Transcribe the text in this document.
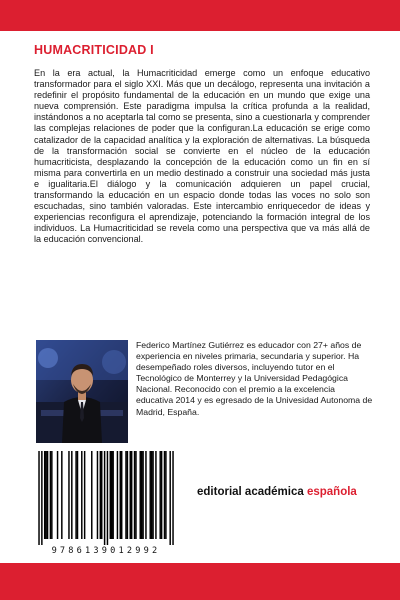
HUMACRITICIDAD I

En la era actual, la Humacriticidad emerge como un enfoque educativo transformador para el siglo XXI. Más que un decálogo, representa una invitación a redefinir el propósito fundamental de la educación en un mundo que exige una nueva comprensión. Este paradigma impulsa la crítica profunda a la realidad, instándonos a no aceptarla tal como se presenta, sino a cuestionarla y comprender las complejas relaciones de poder que la configuran.La educación se erige como catalizador de la capacidad analítica y la exploración de alternativas. La búsqueda de la transformación social se convierte en el núcleo de la educación humacriticista, desplazando la concepción de la educación como un fin en sí misma para convertirla en un medio destinado a construir una sociedad más justa e igualitaria.El diálogo y la comunicación adquieren un papel crucial, transformando la educación en un espacio donde todas las voces no solo son escuchadas, sino también valoradas. Este intercambio enriquecedor de ideas y experiencias reconfigura el aprendizaje, potenciando la formación integral de los individuos. La Humacriticidad se revela como una perspectiva que va más allá de la educación convencional.

Federico Martínez Gutiérrez es educador con 27+ años de experiencia en niveles primaria, secundaria y superior. Ha desempeñado roles diversos, incluyendo tutor en el Tecnológico de Monterrey y la Universidad Pedagógica Nacional. Reconocido con el premio a la excelencia educativa 2014 y es egresado de la Univesidad Autonoma de Madrid, España.

9786139012992
editorial académica española
